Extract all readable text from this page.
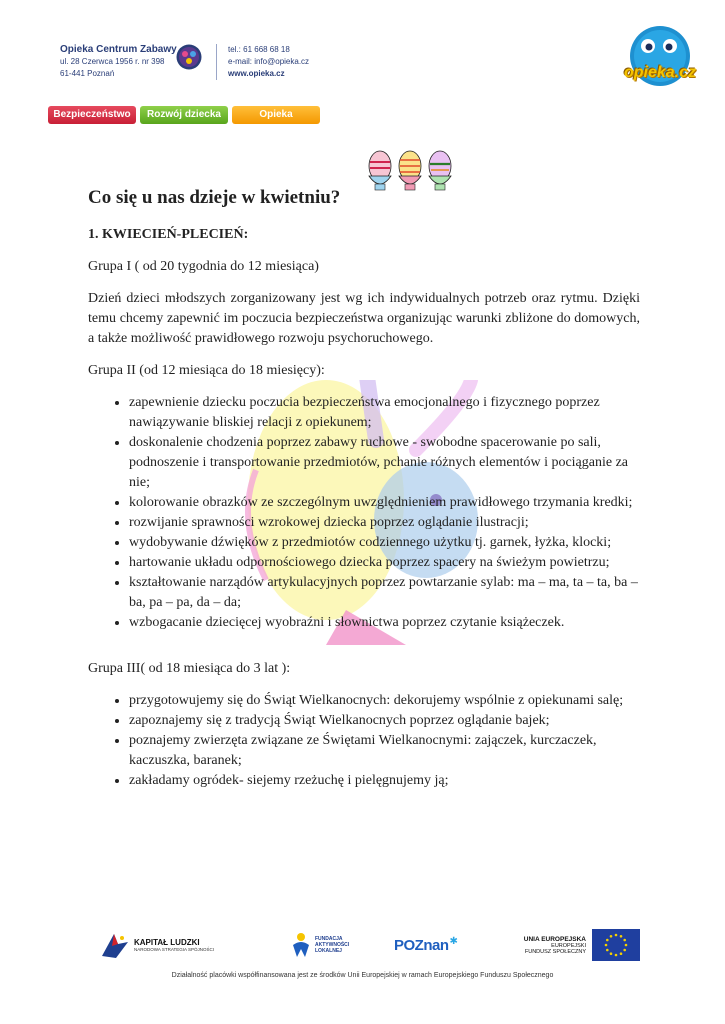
Opieka Centrum Zabawy
ul. 28 Czerwca 1956 r. nr 398
61-441 Poznań
tel.: 61 668 68 18
e-mail: info@opieka.cz
www.opieka.cz	opieka.cz
Bezpieczeństwo	Rozwój dziecka	Opieka
Co się u nas dzieje w kwietniu?
1. KWIECIEŃ-PLECIEŃ:

Grupa I ( od 20 tygodnia do 12 miesiąca)

Dzień dzieci młodszych zorganizowany jest wg ich indywidualnych potrzeb oraz rytmu. Dzięki temu chcemy zapewnić im poczucia bezpieczeństwa organizując warunki zbliżone do domowych, a także możliwość prawidłowego rozwoju psychoruchowego.

Grupa II (od 12 miesiąca do 18 miesięcy):

• zapewnienie dziecku poczucia bezpieczeństwa emocjonalnego i fizycznego poprzez nawiązywanie bliskiej relacji z opiekunem;
• doskonalenie chodzenia poprzez zabawy ruchowe - swobodne spacerowanie po sali, podnoszenie i transportowanie przedmiotów, pchanie różnych elementów i pociąganie za nie;
• kolorowanie obrazków ze szczególnym uwzględnieniem prawidłowego trzymania kredki;
• rozwijanie sprawności wzrokowej dziecka poprzez oglądanie ilustracji;
• wydobywanie dźwięków z przedmiotów codziennego użytku tj. garnek, łyżka, klocki;
• hartowanie układu odpornościowego dziecka poprzez spacery na świeżym powietrzu;
• kształtowanie narządów artykulacyjnych poprzez powtarzanie sylab: ma – ma, ta – ta, ba – ba, pa – pa, da – da;
• wzbogacanie dziecięcej wyobraźni i słownictwa poprzez czytanie książeczek.

Grupa III( od 18 miesiąca do 3 lat ):

• przygotowujemy się do Świąt Wielkanocnych: dekorujemy wspólnie z opiekunami salę;
• zapoznajemy się z tradycją Świąt Wielkanocnych poprzez oglądanie bajek;
• poznajemy zwierzęta związane ze Świętami Wielkanocnymi: zajączek, kurczaczek, kaczuszka, baranek;
• zakładamy ogródek- siejemy rzeżuchę i pielęgnujemy ją;
KAPITAŁ LUDZKI
NARODOWA STRATEGIA SPÓJNOŚCI
FUNDACJA AKTYWNOŚCI LOKALNEJ	POZnan ✱	UNIA EUROPEJSKA
EUROPEJSKI
FUNDUSZ SPOŁECZNY
Działalność placówki współfinansowana jest ze środków Unii Europejskiej w ramach Europejskiego Funduszu Społecznego
